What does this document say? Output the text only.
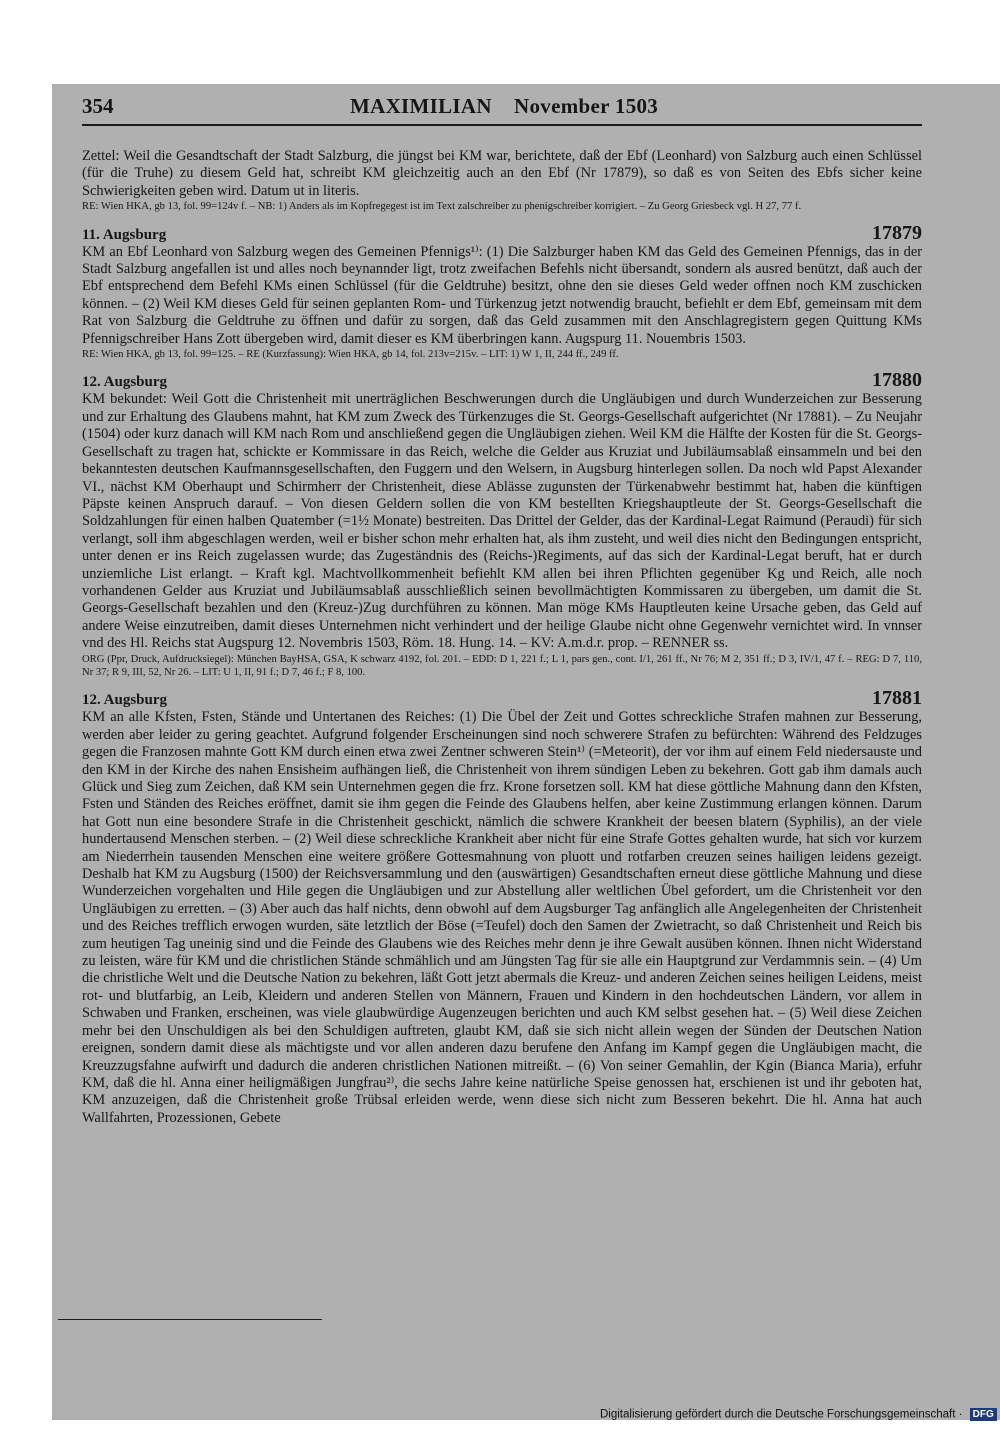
354	MAXIMILIAN    November 1503

Zettel: Weil die Gesandtschaft der Stadt Salzburg, die jüngst bei KM war, berichtete, daß der Ebf (Leonhard) von Salzburg auch einen Schlüssel (für die Truhe) zu diesem Geld hat, schreibt KM gleichzeitig auch an den Ebf (Nr 17879), so daß es von Seiten des Ebfs sicher keine Schwierigkeiten geben wird. Datum ut in literis.

RE: Wien HKA, gb 13, fol. 99=124v f. – NB: 1) Anders als im Kopfregegest ist im Text zalschreiber zu phenigschreiber korrigiert. – Zu Georg Griesbeck vgl. H 27, 77 f.

11. Augsburg	17879

KM an Ebf Leonhard von Salzburg wegen des Gemeinen Pfennigs¹⁾: (1) Die Salzburger haben KM das Geld des Gemeinen Pfennigs, das in der Stadt Salzburg angefallen ist und alles noch beynannder ligt, trotz zweifachen Befehls nicht übersandt, sondern als ausred benützt, daß auch der Ebf entsprechend dem Befehl KMs einen Schlüssel (für die Geldtruhe) besitzt, ohne den sie dieses Geld weder offnen noch KM zuschicken können. – (2) Weil KM dieses Geld für seinen geplanten Rom- und Türkenzug jetzt notwendig braucht, befiehlt er dem Ebf, gemeinsam mit dem Rat von Salzburg die Geldtruhe zu öffnen und dafür zu sorgen, daß das Geld zusammen mit den Anschlagregistern gegen Quittung KMs Pfennigschreiber Hans Zott übergeben wird, damit dieser es KM überbringen kann. Augspurg 11. Nouembris 1503.

RE: Wien HKA, gb 13, fol. 99=125. – RE (Kurzfassung): Wien HKA, gb 14, fol. 213v=215v. – LIT: 1) W 1, II, 244 ff., 249 ff.

12. Augsburg	17880

KM bekundet: Weil Gott die Christenheit mit unerträglichen Beschwerungen durch die Ungläubigen und durch Wunderzeichen zur Besserung und zur Erhaltung des Glaubens mahnt, hat KM zum Zweck des Türkenzuges die St. Georgs-Gesellschaft aufgerichtet (Nr 17881). – Zu Neujahr (1504) oder kurz danach will KM nach Rom und anschließend gegen die Ungläubigen ziehen. Weil KM die Hälfte der Kosten für die St. Georgs-Gesellschaft zu tragen hat, schickte er Kommissare in das Reich, welche die Gelder aus Kruziat und Jubiläumsablaß einsammeln und bei den bekanntesten deutschen Kaufmannsgesellschaften, den Fuggern und den Welsern, in Augsburg hinterlegen sollen. Da noch wld Papst Alexander VI., nächst KM Oberhaupt und Schirmherr der Christenheit, diese Ablässe zugunsten der Türkenabwehr bestimmt hat, haben die künftigen Päpste keinen Anspruch darauf. – Von diesen Geldern sollen die von KM bestellten Kriegshauptleute der St. Georgs-Gesellschaft die Soldzahlungen für einen halben Quatember (=1½ Monate) bestreiten. Das Drittel der Gelder, das der Kardinal-Legat Raimund (Peraudi) für sich verlangt, soll ihm abgeschlagen werden, weil er bisher schon mehr erhalten hat, als ihm zusteht, und weil dies nicht den Bedingungen entspricht, unter denen er ins Reich zugelassen wurde; das Zugeständnis des (Reichs-)Regiments, auf das sich der Kardinal-Legat beruft, hat er durch unziemliche List erlangt. – Kraft kgl. Machtvollkommenheit befiehlt KM allen bei ihren Pflichten gegenüber Kg und Reich, alle noch vorhandenen Gelder aus Kruziat und Jubiläumsablaß ausschließlich seinen bevollmächtigten Kommissaren zu übergeben, um damit die St. Georgs-Gesellschaft bezahlen und den (Kreuz-)Zug durchführen zu können. Man möge KMs Hauptleuten keine Ursache geben, das Geld auf andere Weise einzutreiben, damit dieses Unternehmen nicht verhindert und der heilige Glaube nicht ohne Gegenwehr vernichtet wird. In vnnser vnd des Hl. Reichs stat Augspurg 12. Novembris 1503, Röm. 18. Hung. 14. – KV: A.m.d.r. prop. – RENNER ss.

ORG (Ppr, Druck, Aufdrucksiegel): München BayHSA, GSA, K schwarz 4192, fol. 201. – EDD: D 1, 221 f.; L 1, pars gen., cont. I/1, 261 ff., Nr 76; M 2, 351 ff.; D 3, IV/1, 47 f. – REG: D 7, 110, Nr 37; R 9, III, 52, Nr 26. – LIT: U 1, II, 91 f.; D 7, 46 f.; F 8, 100.

12. Augsburg	17881

KM an alle Kfsten, Fsten, Stände und Untertanen des Reiches: (1) Die Übel der Zeit und Gottes schreckliche Strafen mahnen zur Besserung, werden aber leider zu gering geachtet. Aufgrund folgender Erscheinungen sind noch schwerere Strafen zu befürchten: Während des Feldzuges gegen die Franzosen mahnte Gott KM durch einen etwa zwei Zentner schweren Stein¹⁾ (=Meteorit), der vor ihm auf einem Feld niedersauste und den KM in der Kirche des nahen Ensisheim aufhängen ließ, die Christenheit von ihrem sündigen Leben zu bekehren. Gott gab ihm damals auch Glück und Sieg zum Zeichen, daß KM sein Unternehmen gegen die frz. Krone forsetzen soll. KM hat diese göttliche Mahnung dann den Kfsten, Fsten und Ständen des Reiches eröffnet, damit sie ihm gegen die Feinde des Glaubens helfen, aber keine Zustimmung erlangen können. Darum hat Gott nun eine besondere Strafe in die Christenheit geschickt, nämlich die schwere Krankheit der beesen blatern (Syphilis), an der viele hundertausend Menschen sterben. – (2) Weil diese schreckliche Krankheit aber nicht für eine Strafe Gottes gehalten wurde, hat sich vor kurzem am Niederrhein tausenden Menschen eine weitere größere Gottesmahnung von pluott und rotfarben creuzen seines hailigen leidens gezeigt. Deshalb hat KM zu Augsburg (1500) der Reichsversammlung und den (auswärtigen) Gesandtschaften erneut diese göttliche Mahnung und diese Wunderzeichen vorgehalten und Hile gegen die Ungläubigen und zur Abstellung aller weltlichen Übel gefordert, um die Christenheit vor den Ungläubigen zu erretten. – (3) Aber auch das half nichts, denn obwohl auf dem Augsburger Tag anfänglich alle Angelegenheiten der Christenheit und des Reiches trefflich erwogen wurden, säte letztlich der Böse (=Teufel) doch den Samen der Zwietracht, so daß Christenheit und Reich bis zum heutigen Tag uneinig sind und die Feinde des Glaubens wie des Reiches mehr denn je ihre Gewalt ausüben können. Ihnen nicht Widerstand zu leisten, wäre für KM und die christlichen Stände schmählich und am Jüngsten Tag für sie alle ein Hauptgrund zur Verdammnis sein. – (4) Um die christliche Welt und die Deutsche Nation zu bekehren, läßt Gott jetzt abermals die Kreuz- und anderen Zeichen seines heiligen Leidens, meist rot- und blutfarbig, an Leib, Kleidern und anderen Stellen von Männern, Frauen und Kindern in den hochdeutschen Ländern, vor allem in Schwaben und Franken, erscheinen, was viele glaubwürdige Augenzeugen berichten und auch KM selbst gesehen hat. – (5) Weil diese Zeichen mehr bei den Unschuldigen als bei den Schuldigen auftreten, glaubt KM, daß sie sich nicht allein wegen der Sünden der Deutschen Nation ereignen, sondern damit diese als mächtigste und vor allen anderen dazu berufene den Anfang im Kampf gegen die Ungläubigen macht, die Kreuzzugsfahne aufwirft und dadurch die anderen christlichen Nationen mitreißt. – (6) Von seiner Gemahlin, der Kgin (Bianca Maria), erfuhr KM, daß die hl. Anna einer heiligmäßigen Jungfrau²⁾, die sechs Jahre keine natürliche Speise genossen hat, erschienen ist und ihr geboten hat, KM anzuzeigen, daß die Christenheit große Trübsal erleiden werde, wenn diese sich nicht zum Besseren bekehrt. Die hl. Anna hat auch Wallfahrten, Prozessionen, Gebete

Digitalisierung gefördert durch die Deutsche Forschungsgemeinschaft · DFG
